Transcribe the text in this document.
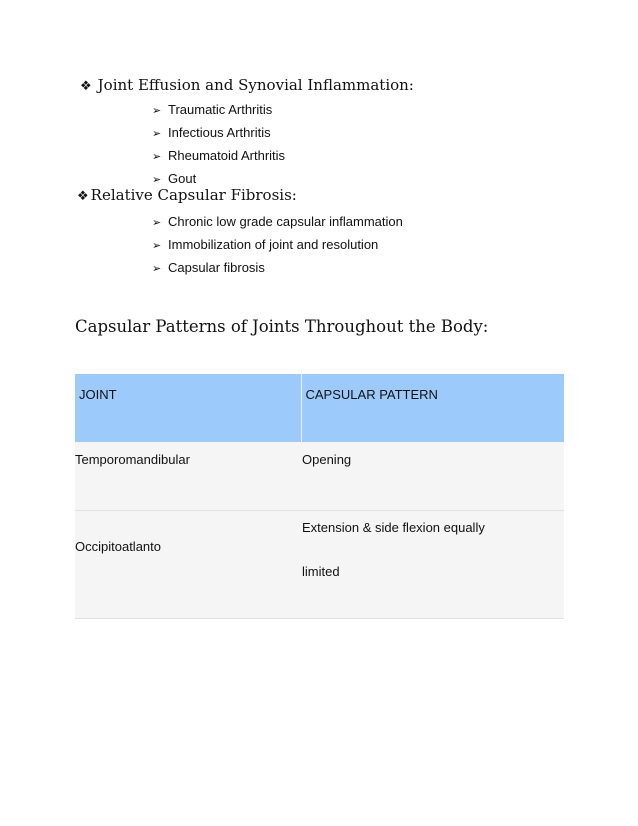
❖ Joint Effusion and Synovial Inflammation:
➢ Traumatic Arthritis
➢ Infectious Arthritis
➢ Rheumatoid Arthritis
➢ Gout
❖ Relative Capsular Fibrosis:
➢ Chronic low grade capsular inflammation
➢ Immobilization of joint and resolution
➢ Capsular fibrosis
Capsular Patterns of Joints Throughout the Body:
JOINT	CAPSULAR PATTERN
Temporomandibular	Opening

Occipitoatlanto	Extension & side flexion equally
limited
